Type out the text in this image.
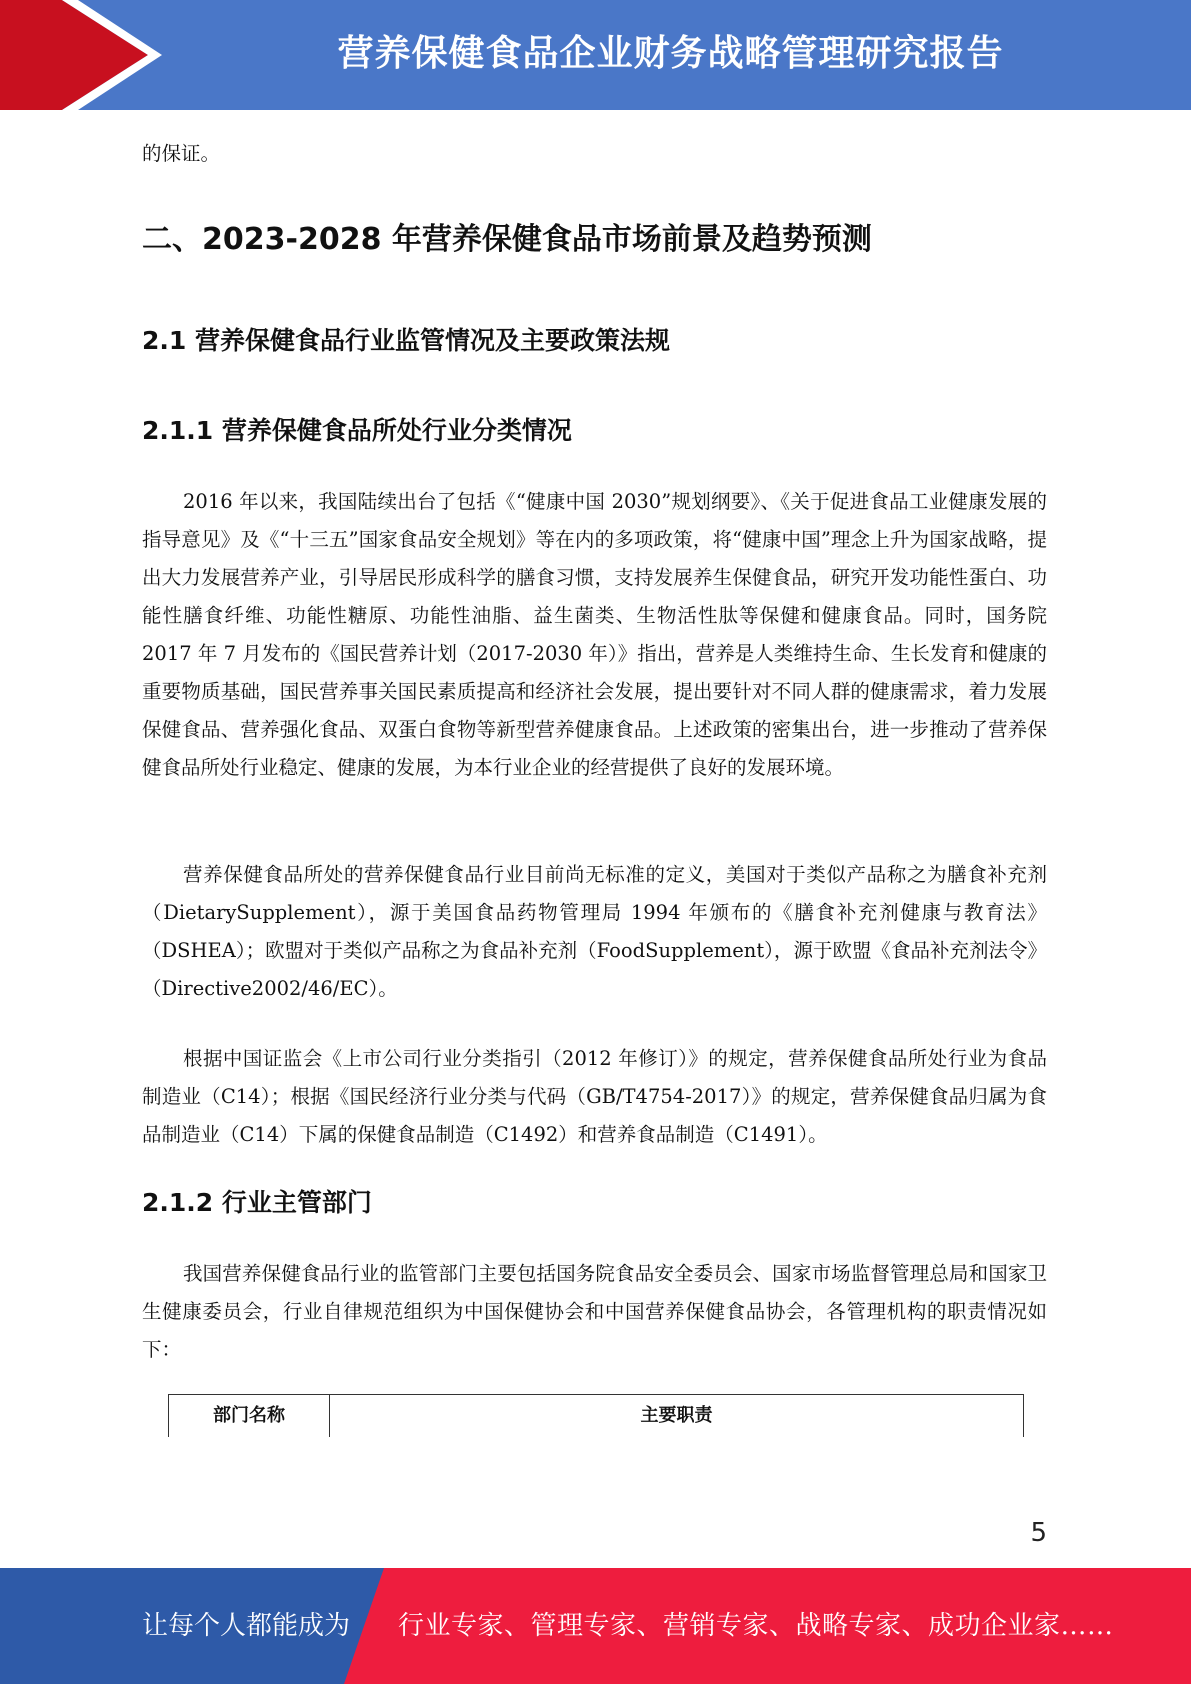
营养保健食品企业财务战略管理研究报告

的保证。

二、2023-2028 年营养保健食品市场前景及趋势预测
2.1 营养保健食品行业监管情况及主要政策法规
2.1.1 营养保健食品所处行业分类情况

2016 年以来，我国陆续出台了包括《“健康中国 2030”规划纲要》、《关于促进食品工业健康发展的指导意见》及《“十三五”国家食品安全规划》等在内的多项政策，将“健康中国”理念上升为国家战略，提出大力发展营养产业，引导居民形成科学的膳食习惯，支持发展养生保健食品，研究开发功能性蛋白、功能性膳食纤维、功能性糖原、功能性油脂、益生菌类、生物活性肽等保健和健康食品。同时，国务院 2017 年 7 月发布的《国民营养计划（2017-2030 年）》指出，营养是人类维持生命、生长发育和健康的重要物质基础，国民营养事关国民素质提高和经济社会发展，提出要针对不同人群的健康需求，着力发展保健食品、营养强化食品、双蛋白食物等新型营养健康食品。上述政策的密集出台，进一步推动了营养保健食品所处行业稳定、健康的发展，为本行业企业的经营提供了良好的发展环境。

营养保健食品所处的营养保健食品行业目前尚无标准的定义，美国对于类似产品称之为膳食补充剂（DietarySupplement），源于美国食品药物管理局 1994 年颁布的《膳食补充剂健康与教育法》（DSHEA）；欧盟对于类似产品称之为食品补充剂（FoodSupplement），源于欧盟《食品补充剂法令》（Directive2002/46/EC）。

根据中国证监会《上市公司行业分类指引（2012 年修订）》的规定，营养保健食品所处行业为食品制造业（C14）；根据《国民经济行业分类与代码（GB/T4754-2017）》的规定，营养保健食品归属为食品制造业（C14）下属的保健食品制造（C1492）和营养食品制造（C1491）。

2.1.2 行业主管部门

我国营养保健食品行业的监管部门主要包括国务院食品安全委员会、国家市场监督管理总局和国家卫生健康委员会，行业自律规范组织为中国保健协会和中国营养保健食品协会，各管理机构的职责情况如下：

部门名称	主要职责
5
让每个人都能成为 行业专家、管理专家、营销专家、战略专家、成功企业家……
